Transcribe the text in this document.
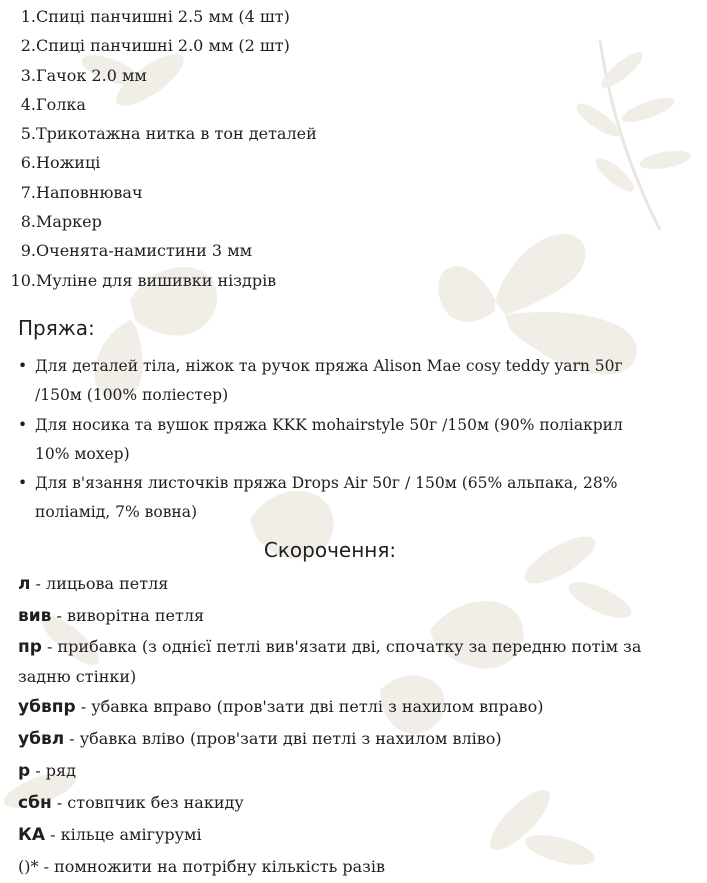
1.Спиці панчишні 2.5 мм (4 шт)
2.Спиці панчишні 2.0 мм (2 шт)
3.Гачок 2.0 мм
4.Голка
5.Трикотажна нитка в тон деталей
6.Ножиці
7.Наповнювач
8.Маркер
9.Оченята-намистини 3 мм
10.Муліне для вишивки ніздрів
Пряжа:
• Для деталей тіла, ніжок та ручок пряжа Alison Mae cosy teddy yarn 50г /150м (100% поліестер)
• Для носика та вушок пряжа KKK mohairstyle 50г /150м (90% поліакрил 10% мохер)
• Для в'язання листочків пряжа Drops Air 50г / 150м (65% альпака, 28% поліамід, 7% вовна)
Скорочення:

л - лицьова петля

вив - виворітна петля

пр - прибавка (з однієї петлі вив'язати дві, спочатку за передню потім за задню стінки)

убвпр - убавка вправо (пров'зати дві петлі з нахилом вправо)

убвл - убавка вліво (пров'зати дві петлі з нахилом вліво)

р - ряд

сбн - стовпчик без накиду

КА - кільце амігурумі

()* - помножити на потрібну кількість разів
